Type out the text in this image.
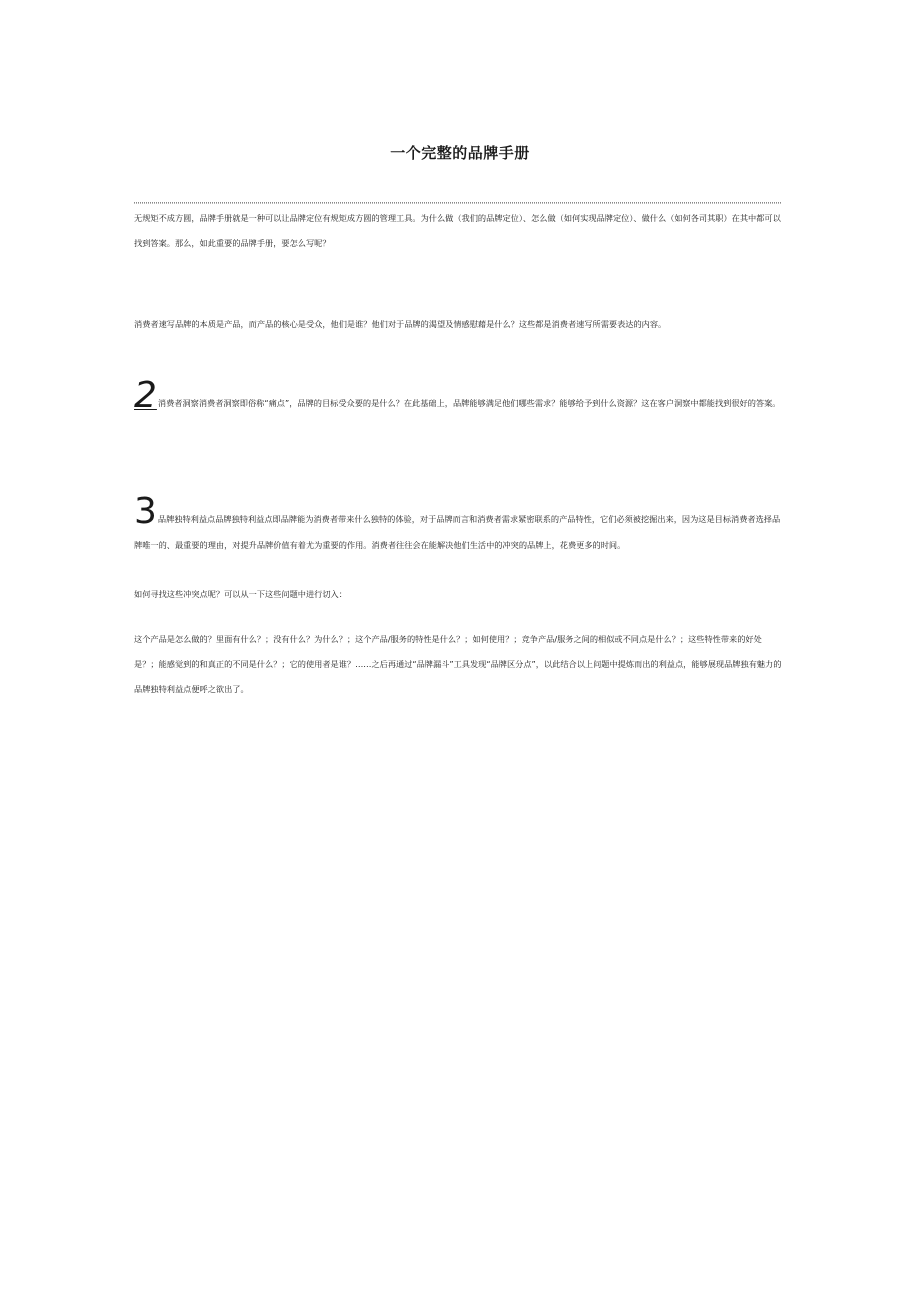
一个完整的品牌手册

无规矩不成方圆，品牌手册就是一种可以让品牌定位有规矩成方圆的管理工具。为什么做（我们的品牌定位）、怎么做（如何实现品牌定位）、做什么（如何各司其职）在其中都可以找到答案。那么，如此重要的品牌手册，要怎么写呢？

消费者速写品牌的本质是产品，而产品的核心是受众，他们是谁？他们对于品牌的渴望及情感慰藉是什么？这些都是消费者速写所需要表达的内容。

2消费者洞察消费者洞察即俗称“痛点”，品牌的目标受众要的是什么？在此基础上，品牌能够满足他们哪些需求？能够给予到什么资源？这在客户洞察中都能找到很好的答案。

3品牌独特利益点品牌独特利益点即品牌能为消费者带来什么独特的体验，对于品牌而言和消费者需求紧密联系的产品特性，它们必须被挖掘出来，因为这是目标消费者选择品牌唯一的、最重要的理由，对提升品牌价值有着尤为重要的作用。消费者往往会在能解决他们生活中的冲突的品牌上，花费更多的时间。

如何寻找这些冲突点呢？可以从一下这些问题中进行切入：

这个产品是怎么做的？里面有什么？；没有什么？为什么？；这个产品/服务的特性是什么？；如何使用？；竞争产品/服务之间的相似或不同点是什么？；这些特性带来的好处是？；能感觉到的和真正的不同是什么？；它的使用者是谁？……之后再通过“品牌漏斗”工具发现“品牌区分点”，以此结合以上问题中提炼而出的利益点，能够展现品牌独有魅力的品牌独特利益点便呼之欲出了。
